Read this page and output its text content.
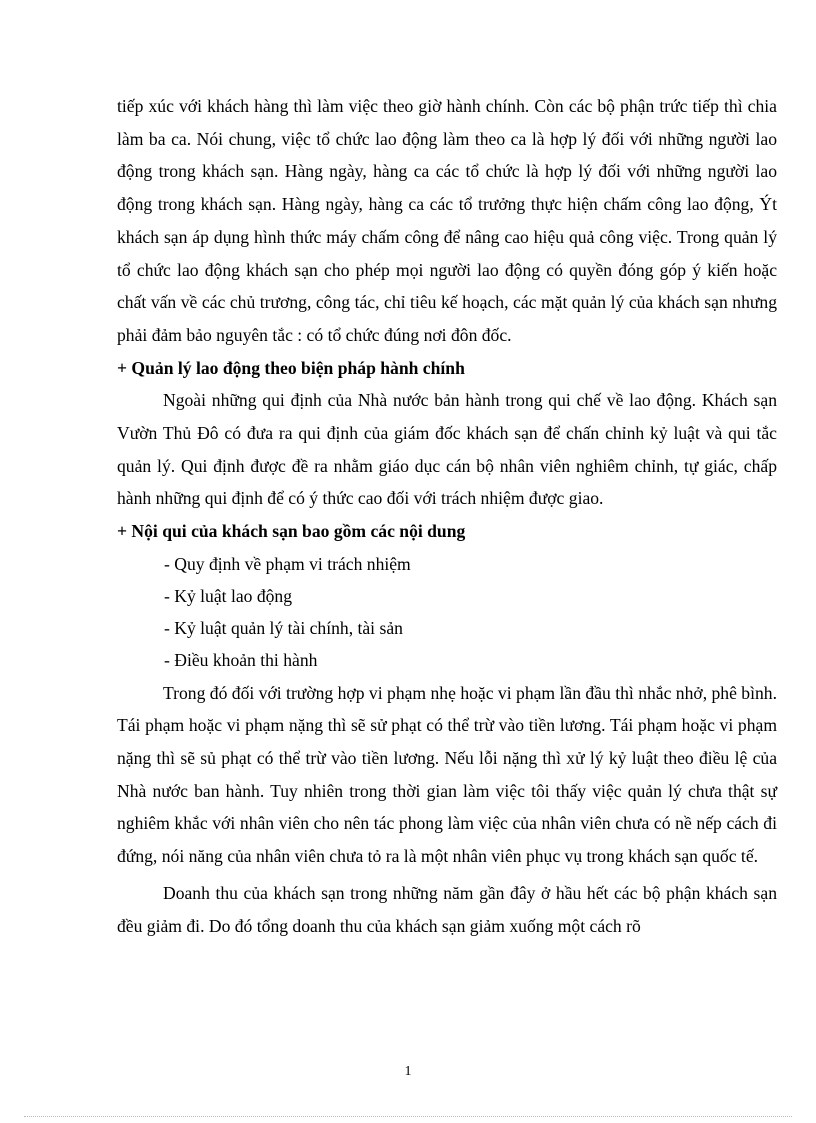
tiếp xúc với khách hàng thì làm việc theo giờ hành chính. Còn các bộ phận trức tiếp thì chia làm ba ca. Nói chung, việc tổ chức lao động làm theo ca là hợp lý đối với những người lao động trong khách sạn. Hàng ngày, hàng ca các tổ chức là hợp lý đối với những người lao động trong khách sạn. Hàng ngày, hàng ca các tổ trưởng thực hiện chấm công lao động, Ýt khách sạn áp dụng hình thức máy chấm công để nâng cao hiệu quả công việc. Trong quản lý tổ chức lao động khách sạn cho phép mọi người lao động có quyền đóng góp ý kiến hoặc chất vấn về các chủ trương, công tác, chỉ tiêu kế hoạch, các mặt quản lý của khách sạn nhưng phải đảm bảo nguyên tắc : có tổ chức đúng nơi đôn đốc.

+ Quản lý lao động theo biện pháp hành chính

Ngoài những qui định của Nhà nước bản hành trong qui chế về lao động. Khách sạn Vườn Thủ Đô có đưa ra qui định của giám đốc khách sạn để chấn chỉnh kỷ luật và qui tắc quản lý. Qui định được đề ra nhằm giáo dục cán bộ nhân viên nghiêm chỉnh, tự giác, chấp hành những qui định để có ý thức cao đối với trách nhiệm được giao.

+ Nội qui của khách sạn bao gồm các nội dung

- Quy định về phạm vi trách nhiệm
- Kỷ luật lao động
- Kỷ luật quản lý tài chính, tài sản
- Điều khoản thi hành

Trong đó đối với trường hợp vi phạm nhẹ hoặc vi phạm lần đầu thì nhắc nhở, phê bình. Tái phạm hoặc vi phạm nặng thì sẽ sử phạt có thể trừ vào tiền lương. Tái phạm hoặc vi phạm nặng thì sẽ sủ phạt có thể trừ vào tiền lương. Nếu lỗi nặng thì xử lý kỷ luật theo điều lệ của Nhà nước ban hành. Tuy nhiên trong thời gian làm việc tôi thấy việc quản lý chưa thật sự nghiêm khắc với nhân viên cho nên tác phong làm việc của nhân viên chưa có nề nếp cách đi đứng, nói năng của nhân viên chưa tỏ ra là một nhân viên phục vụ trong khách sạn quốc tế.

Doanh thu của khách sạn trong những năm gần đây ở hầu hết các bộ phận khách sạn đều giảm đi. Do đó tổng doanh thu của khách sạn giảm xuống một cách rõ

1
